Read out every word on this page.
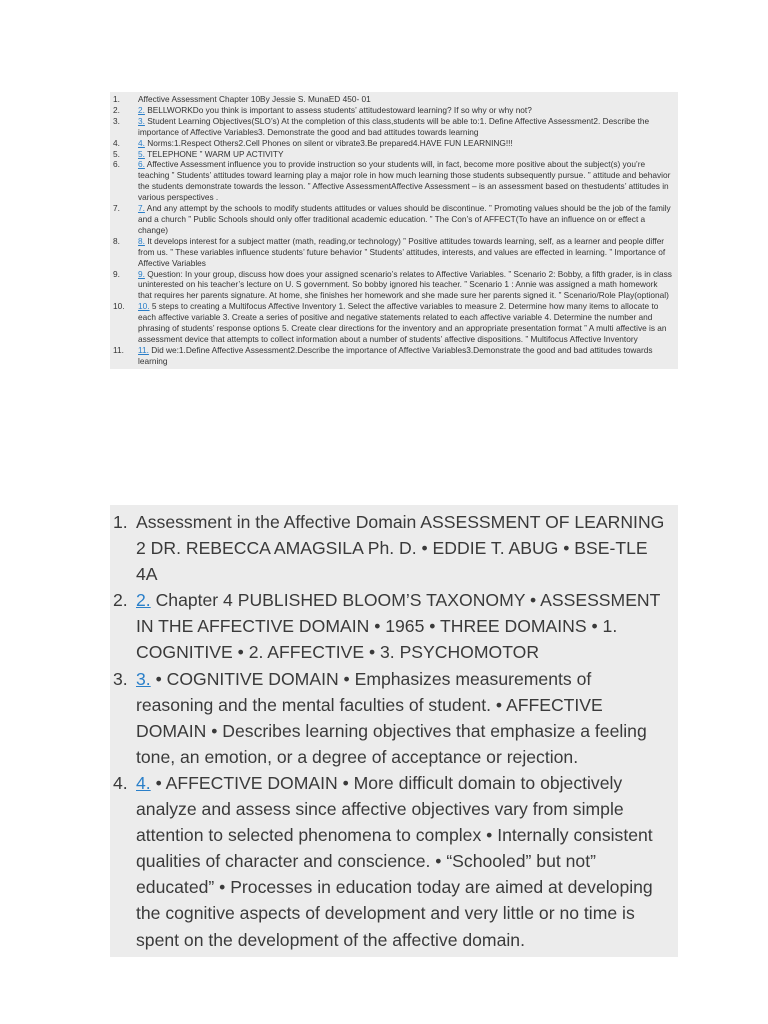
1.	Affective Assessment Chapter 10By Jessie S. MunaED 450- 01
2.	2. BELLWORKDo you think is important to assess students’ attitudestoward learning? If so why or why not?
3.	3. Student Learning Objectives(SLO’s) At the completion of this class,students will be able to:1. Define Affective Assessment2. Describe the importance of Affective Variables3. Demonstrate the good and bad attitudes towards learning
4.	4. Norms:1.Respect Others2.Cell Phones on silent or vibrate3.Be prepared4.HAVE FUN LEARNING!!!
5.	5. TELEPHONE ” WARM UP ACTIVITY
6.	6. Affective Assessment influence you to provide instruction so your students will, in fact, become more positive about the subject(s) you’re teaching ” Students’ attitudes toward learning play a major role in how much learning those students subsequently pursue. ” attitude and behavior the students demonstrate towards the lesson. ” Affective AssessmentAffective Assessment – is an assessment based on thestudents’ attitudes in various perspectives .
7.	7. And any attempt by the schools to modify students attitudes or values should be discontinue. ” Promoting values should be the job of the family and a church ” Public Schools should only offer traditional academic education. ” The Con’s of AFFECT(To have an influence on or effect a change)
8.	8. It develops interest for a subject matter (math, reading,or technology) ” Positive attitudes towards learning, self, as a learner and people differ from us. ” These variables influence students’ future behavior ” Students’ attitudes, interests, and values are effected in learning. ” Importance of Affective Variables
9.	9. Question: In your group, discuss how does your assigned scenario’s relates to Affective Variables. ” Scenario 2: Bobby, a fifth grader, is in class uninterested on his teacher’s lecture on U. S government. So bobby ignored his teacher. ” Scenario 1 : Annie was assigned a math homework that requires her parents signature. At home, she finishes her homework and she made sure her parents signed it. ” Scenario/Role Play(optional)
10.	10. 5 steps to creating a Multifocus Affective Inventory 1. Select the affective variables to measure 2. Determine how many items to allocate to each affective variable 3. Create a series of positive and negative statements related to each affective variable 4. Determine the number and phrasing of students’ response options 5. Create clear directions for the inventory and an appropriate presentation format ” A multi affective is an assessment device that attempts to collect information about a number of students’ affective dispositions. ” Multifocus Affective Inventory
11.	11. Did we:1.Define Affective Assessment2.Describe the importance of Affective Variables3.Demonstrate the good and bad attitudes towards learning
1. Assessment in the Affective Domain ASSESSMENT OF LEARNING 2 DR. REBECCA AMAGSILA Ph. D. • EDDIE T. ABUG • BSE-TLE 4A
2. 2. Chapter 4 PUBLISHED BLOOM’S TAXONOMY • ASSESSMENT IN THE AFFECTIVE DOMAIN • 1965 • THREE DOMAINS • 1. COGNITIVE • 2. AFFECTIVE • 3. PSYCHOMOTOR
3. 3. • COGNITIVE DOMAIN • Emphasizes measurements of reasoning and the mental faculties of student. • AFFECTIVE DOMAIN • Describes learning objectives that emphasize a feeling tone, an emotion, or a degree of acceptance or rejection.
4. 4. • AFFECTIVE DOMAIN • More difficult domain to objectively analyze and assess since affective objectives vary from simple attention to selected phenomena to complex • Internally consistent qualities of character and conscience. • “Schooled” but not” educated” • Processes in education today are aimed at developing the cognitive aspects of development and very little or no time is spent on the development of the affective domain.
